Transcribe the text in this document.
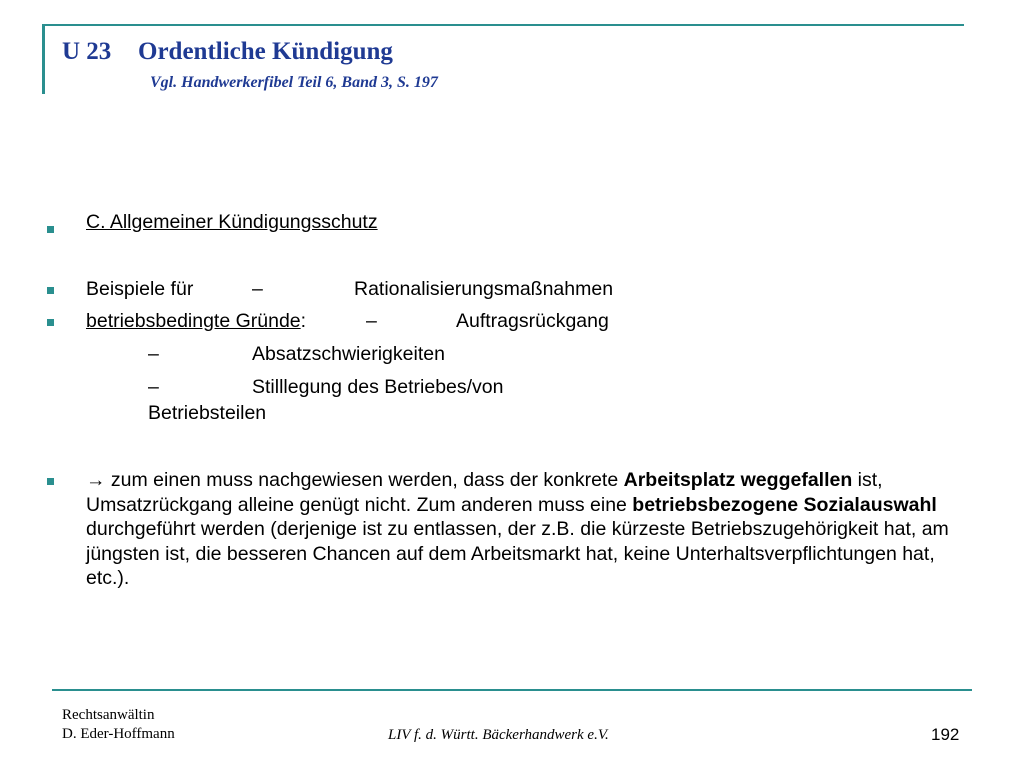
U 23 Ordentliche Kündigung
Vgl. Handwerkerfibel Teil 6, Band 3, S. 197
C. Allgemeiner Kündigungsschutz
Beispiele für	–	Rationalisierungsmaßnahmen
betriebsbedingte Gründe:	–	Auftragsrückgang
–	Absatzschwierigkeiten
–	Stilllegung des Betriebes/von
Betriebsteilen
→ zum einen muss nachgewiesen werden, dass der konkrete Arbeitsplatz weggefallen ist, Umsatzrückgang alleine genügt nicht. Zum anderen muss eine betriebsbezogene Sozialauswahl durchgeführt werden (derjenige ist zu entlassen, der z.B. die kürzeste Betriebszugehörigkeit hat, am jüngsten ist, die besseren Chancen auf dem Arbeitsmarkt hat, keine Unterhaltsverpflichtungen hat, etc.).
Rechtsanwältin
D. Eder-Hoffmann	LIV f. d. Württ. Bäckerhandwerk e.V.	192
